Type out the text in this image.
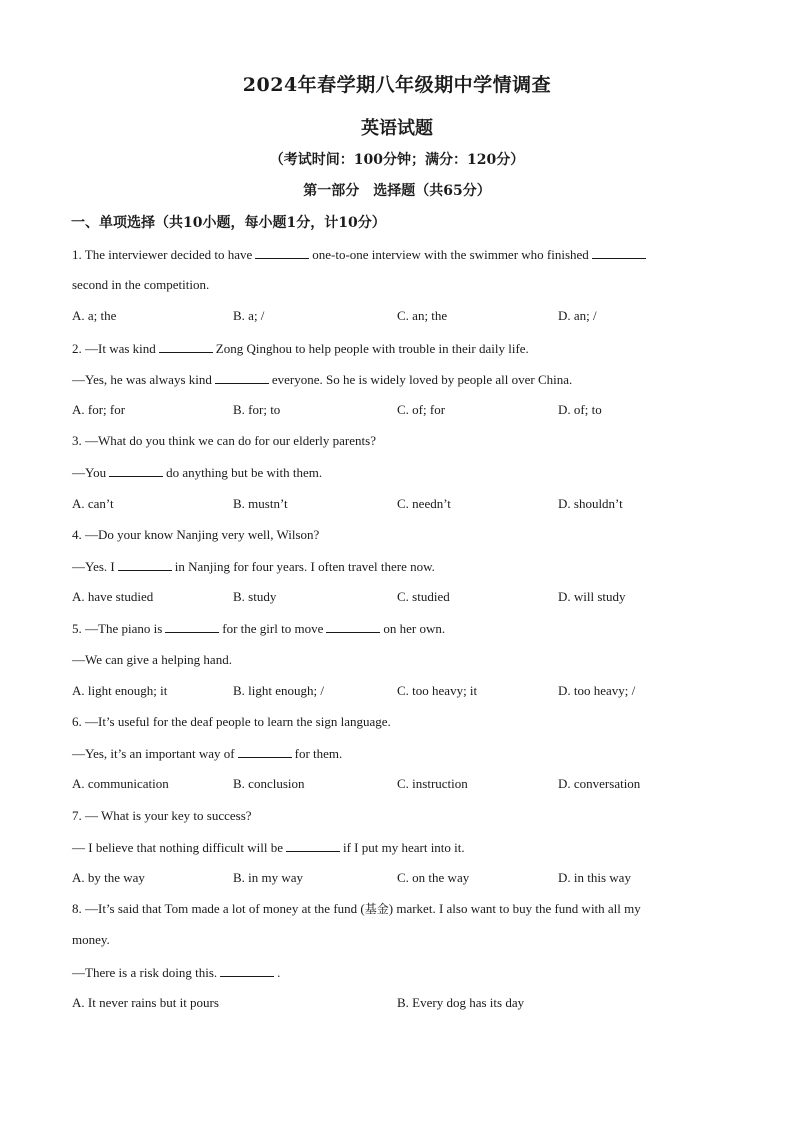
2024年春学期八年级期中学情调查
英语试题
（考试时间：100分钟；满分：120分）
第一部分　选择题（共65分）
一、单项选择（共10小题，每小题1分，计10分）
1. The interviewer decided to have	one-to-one interview with the swimmer who finished
second in the competition.
A. a; the	B. a; /	C. an; the	D. an; /
2. —It was kind	Zong Qinghou to help people with trouble in their daily life.
—Yes, he was always kind	everyone. So he is widely loved by people all over China.
A. for; for	B. for; to	C. of; for	D. of; to
3. —What do you think we can do for our elderly parents?
—You	do anything but be with them.
A. can’t	B. mustn’t	C. needn’t	D. shouldn’t
4. —Do your know Nanjing very well, Wilson?
—Yes. I	in Nanjing for four years. I often travel there now.
A. have studied	B. study	C. studied	D. will study
5. —The piano is	for the girl to move	on her own.
—We can give a helping hand.
A. light enough; it	B. light enough; /	C. too heavy; it	D. too heavy; /
6. —It’s useful for the deaf people to learn the sign language.
—Yes, it’s an important way of	for them.
A. communication	B. conclusion	C. instruction	D. conversation
7. — What is your key to success?
— I believe that nothing difficult will be	if I put my heart into it.
A. by the way	B. in my way	C. on the way	D. in this way
8. —It’s said that Tom made a lot of money at the fund (基金) market. I also want to buy the fund with all my
money.
—There is a risk doing this.	.
A. It never rains but it pours	B. Every dog has its day
